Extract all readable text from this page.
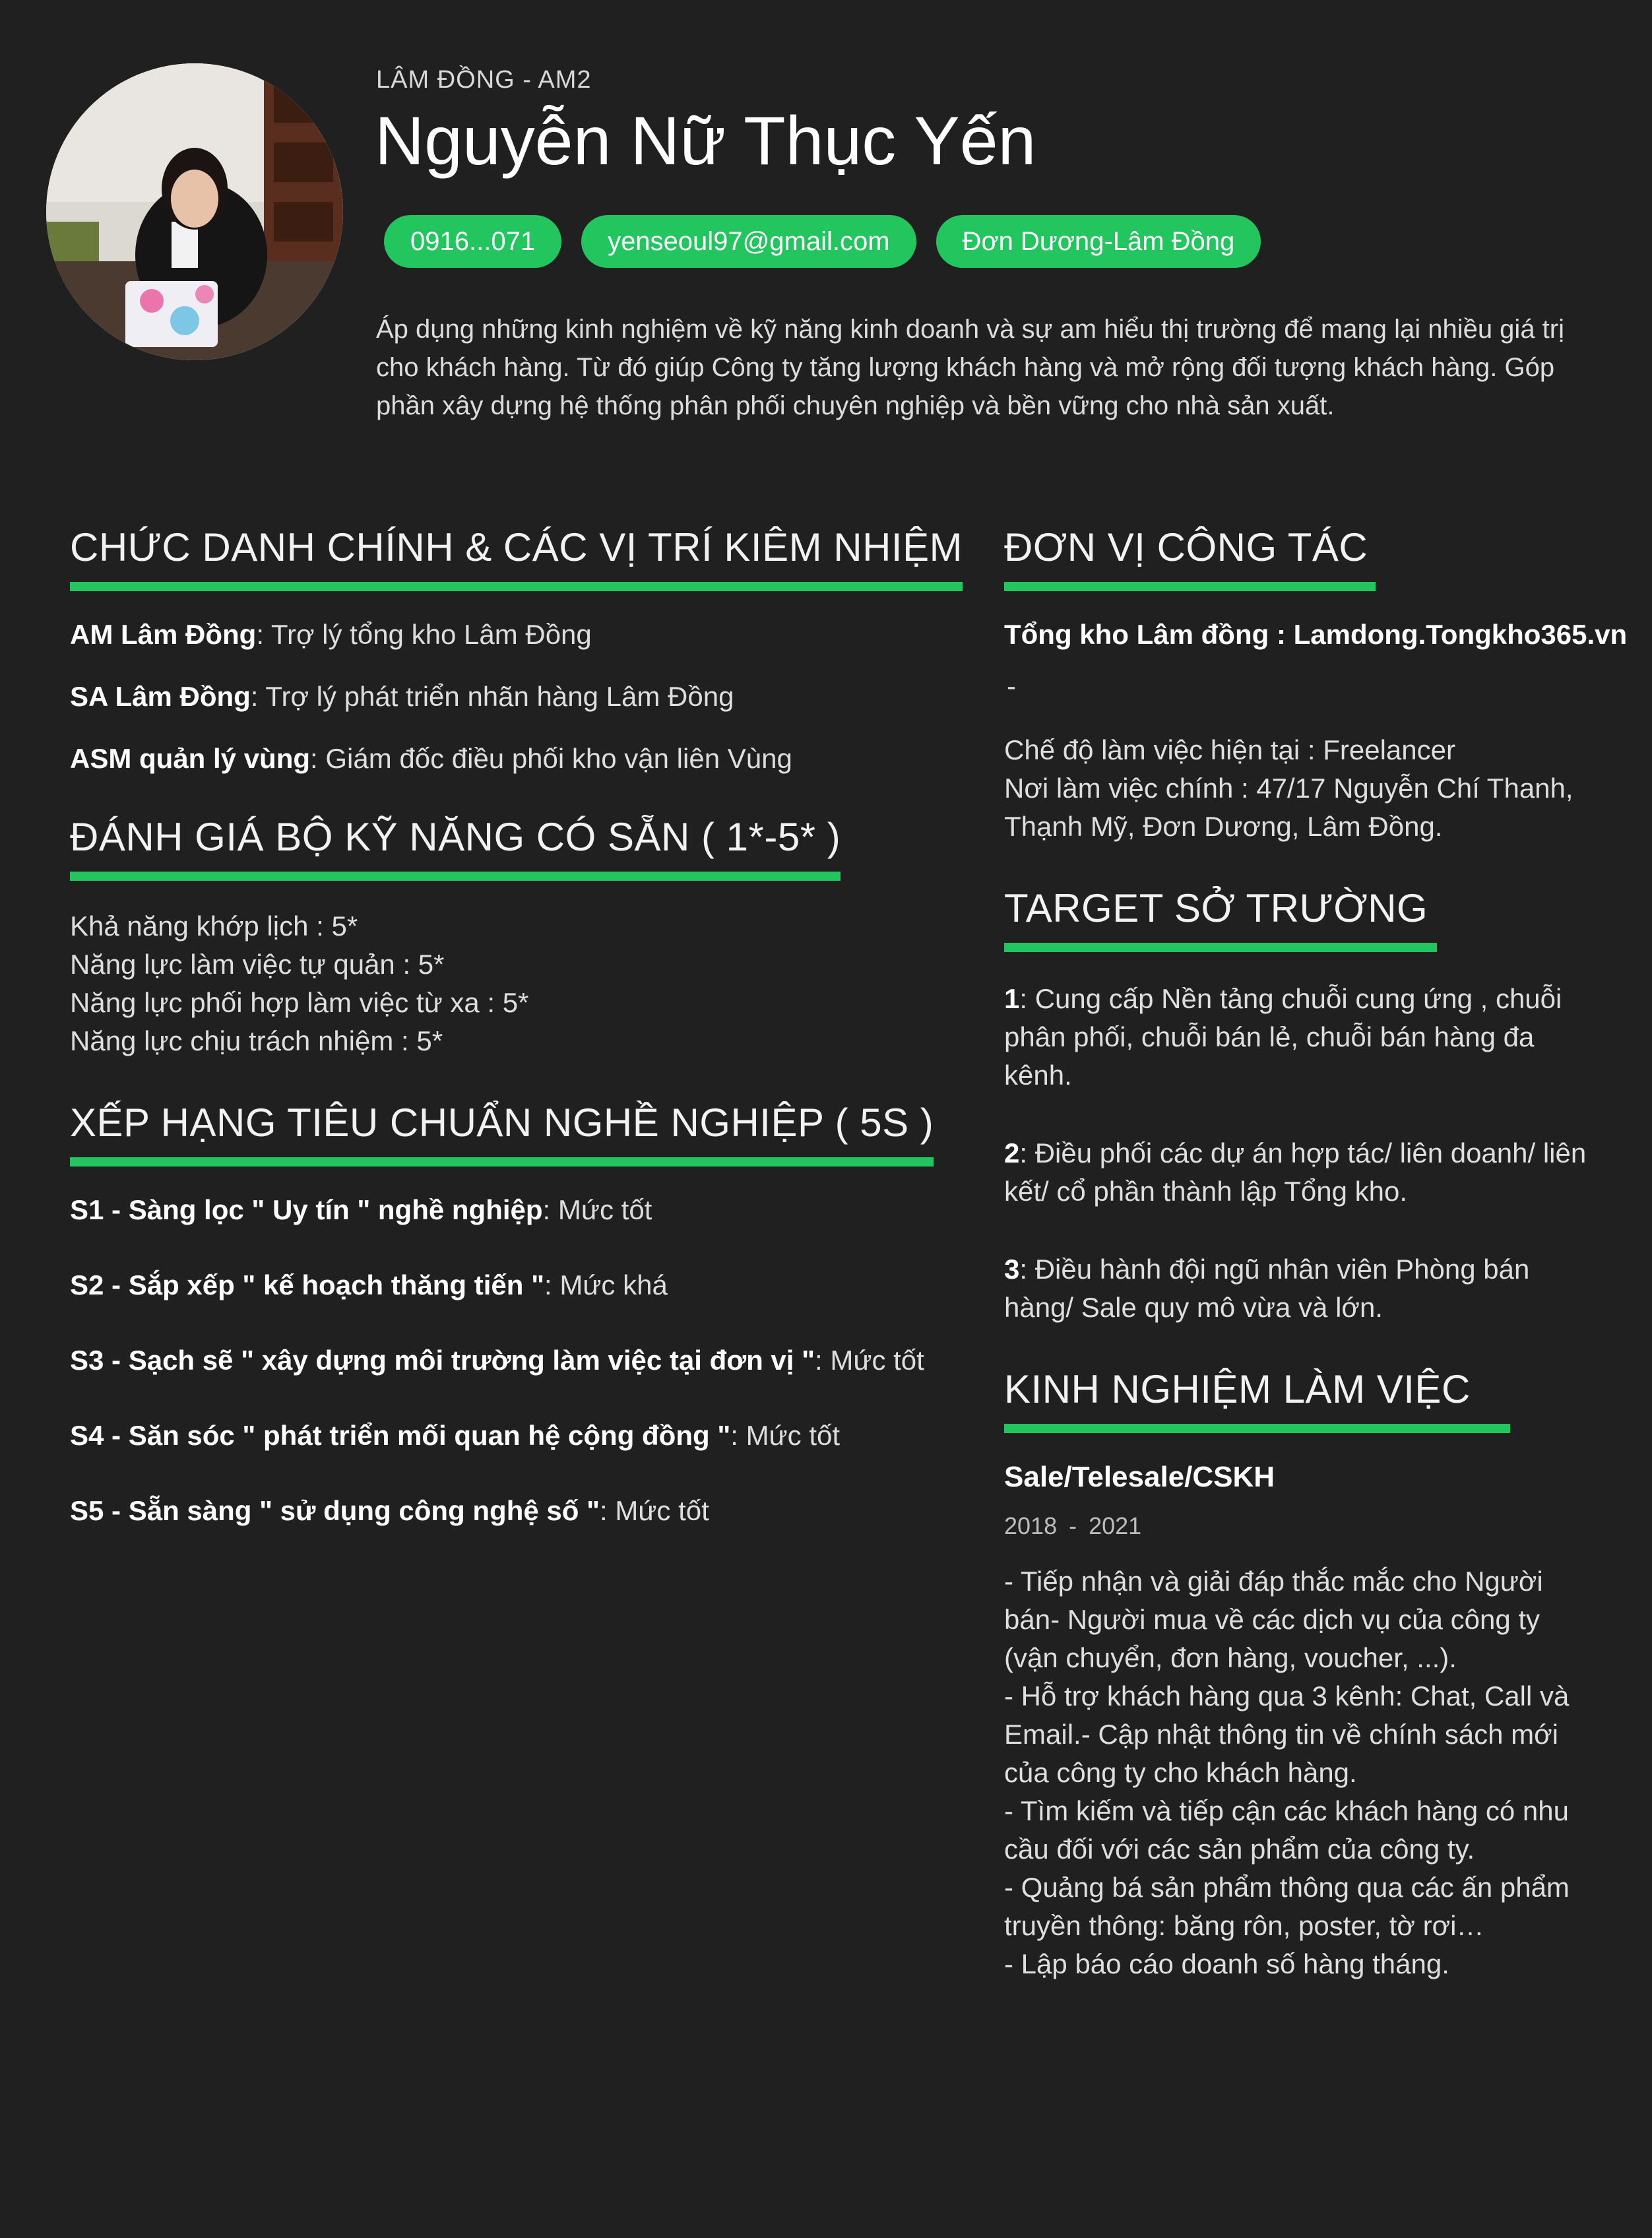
LÂM ĐỒNG - AM2
Nguyễn Nữ Thục Yến
0916...071	yenseoul97@gmail.com	Đơn Dương-Lâm Đồng

Áp dụng những kinh nghiệm về kỹ năng kinh doanh và sự am hiểu thị trường để mang lại nhiều giá trị cho khách hàng. Từ đó giúp Công ty tăng lượng khách hàng và mở rộng đối tượng khách hàng. Góp phần xây dựng hệ thống phân phối chuyên nghiệp và bền vững cho nhà sản xuất.

CHỨC DANH CHÍNH & CÁC VỊ TRÍ KIÊM NHIỆM
AM Lâm Đồng: Trợ lý tổng kho Lâm Đồng
SA Lâm Đồng: Trợ lý phát triển nhãn hàng Lâm Đồng
ASM quản lý vùng: Giám đốc điều phối kho vận liên Vùng
ĐÁNH GIÁ BỘ KỸ NĂNG CÓ SẴN ( 1*-5* )
Khả năng khớp lịch : 5*
Năng lực làm việc tự quản : 5*
Năng lực phối hợp làm việc từ xa : 5*
Năng lực chịu trách nhiệm : 5*
XẾP HẠNG TIÊU CHUẨN NGHỀ NGHIỆP ( 5S )
S1 - Sàng lọc " Uy tín " nghề nghiệp: Mức tốt
S2 - Sắp xếp " kế hoạch thăng tiến ": Mức khá
S3 - Sạch sẽ " xây dựng môi trường làm việc tại đơn vị ": Mức tốt
S4 - Săn sóc " phát triển mối quan hệ cộng đồng ": Mức tốt
S5 - Sẵn sàng " sử dụng công nghệ số ": Mức tốt
ĐƠN VỊ CÔNG TÁC
Tổng kho Lâm đồng : Lamdong.Tongkho365.vn
-
Chế độ làm việc hiện tại : Freelancer
Nơi làm việc chính : 47/17 Nguyễn Chí Thanh, Thạnh Mỹ, Đơn Dương, Lâm Đồng.
TARGET SỞ TRƯỜNG
1: Cung cấp Nền tảng chuỗi cung ứng , chuỗi phân phối, chuỗi bán lẻ, chuỗi bán hàng đa kênh.
2: Điều phối các dự án hợp tác/ liên doanh/ liên kết/ cổ phần thành lập Tổng kho.
3: Điều hành đội ngũ nhân viên Phòng bán hàng/ Sale quy mô vừa và lớn.
KINH NGHIỆM LÀM VIỆC
Sale/Telesale/CSKH
2018 - 2021
- Tiếp nhận và giải đáp thắc mắc cho Người bán- Người mua về các dịch vụ của công ty (vận chuyển, đơn hàng, voucher, ...).
- Hỗ trợ khách hàng qua 3 kênh: Chat, Call và Email.- Cập nhật thông tin về chính sách mới của công ty cho khách hàng.
- Tìm kiếm và tiếp cận các khách hàng có nhu cầu đối với các sản phẩm của công ty.
- Quảng bá sản phẩm thông qua các ấn phẩm truyền thông: băng rôn, poster, tờ rơi…
- Lập báo cáo doanh số hàng tháng.
